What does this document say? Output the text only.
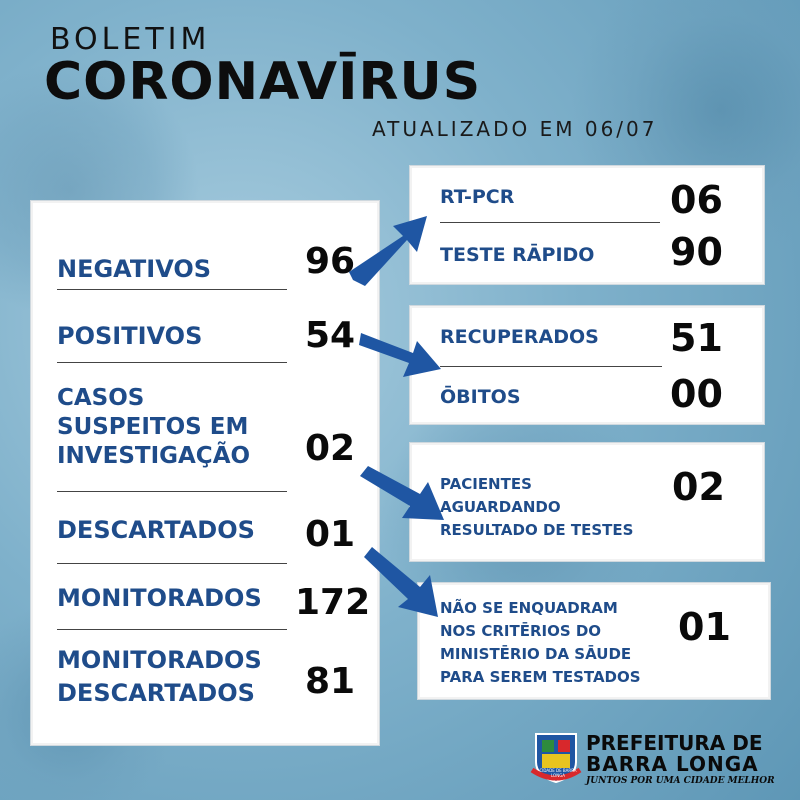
BOLETIM
CORONAVĪRUS
ATUALIZADO EM 06/07
NEGATIVOS	96
POSITIVOS	54
CASOS
SUSPEITOS EM
INVESTIGAÇÃO 02
DESCARTADOS 01
MONITORADOS 172
MONITORADOS
DESCARTADOS 81
RT-PCR	06
TESTE RĀPIDO 90
RECUPERADOS 51
ŌBITOS	00
PACIENTES
AGUARDANDO
RESULTADO DE TESTES
02
NÃO SE ENQUADRAM
NOS CRITĒRIOS DO
MINISTĒRIO DA SĀUDE
PARA SEREM TESTADOS
01
CIDADE DE BARRA LONGA
PREFEITURA DE
BARRA LONGA
JUNTOS POR UMA CIDADE MELHOR
